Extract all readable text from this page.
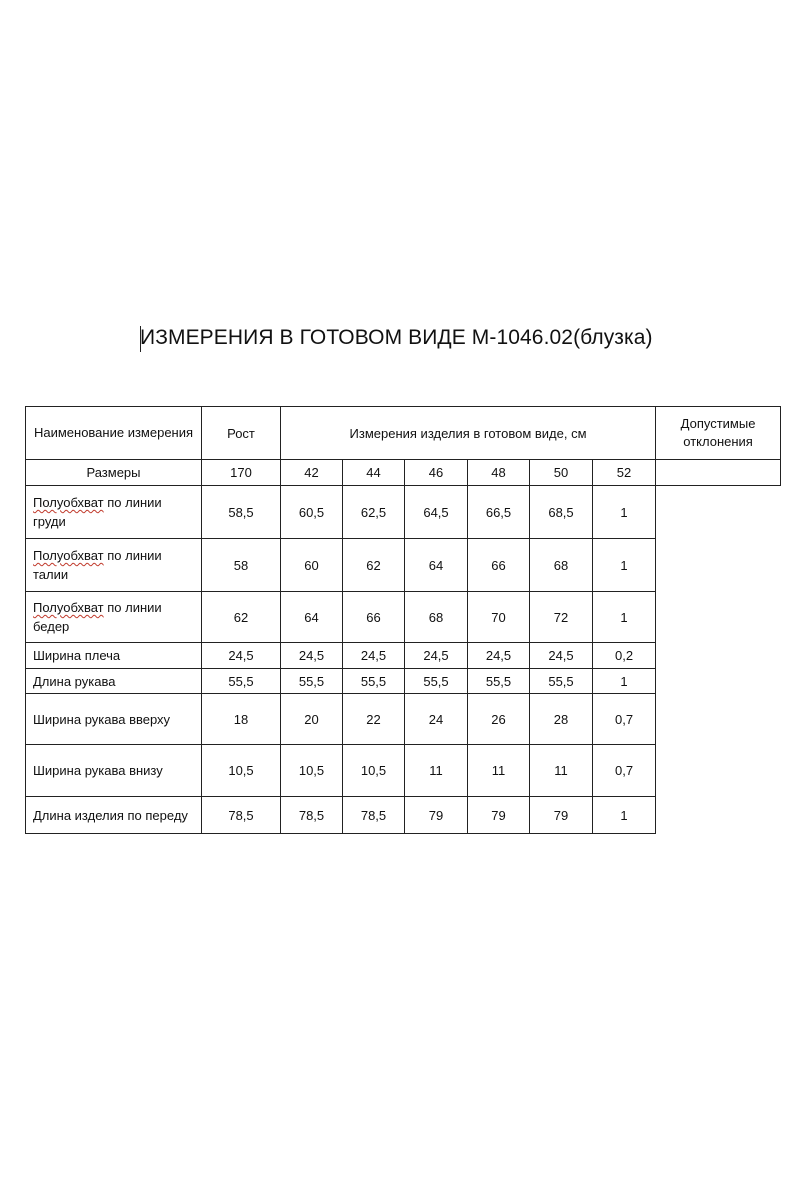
ИЗМЕРЕНИЯ В ГОТОВОМ ВИДЕ М-1046.02(блузка)
Наименование измерения	Рост	Измерения изделия в готовом виде, см						Допустимые отклонения
Размеры	170	42	44	46	48	50	52	
Полуобхват по линии груди	58,5	60,5	62,5	64,5	66,5	68,5	1	
Полуобхват по линии талии	58	60	62	64	66	68	1	
Полуобхват по линии бедер	62	64	66	68	70	72	1	
Ширина плеча	24,5	24,5	24,5	24,5	24,5	24,5	0,2	
Длина рукава	55,5	55,5	55,5	55,5	55,5	55,5	1	
Ширина рукава вверху	18	20	22	24	26	28	0,7	
Ширина рукава внизу	10,5	10,5	10,5	11	11	11	0,7	
Длина изделия по переду	78,5	78,5	78,5	79	79	79	1	
